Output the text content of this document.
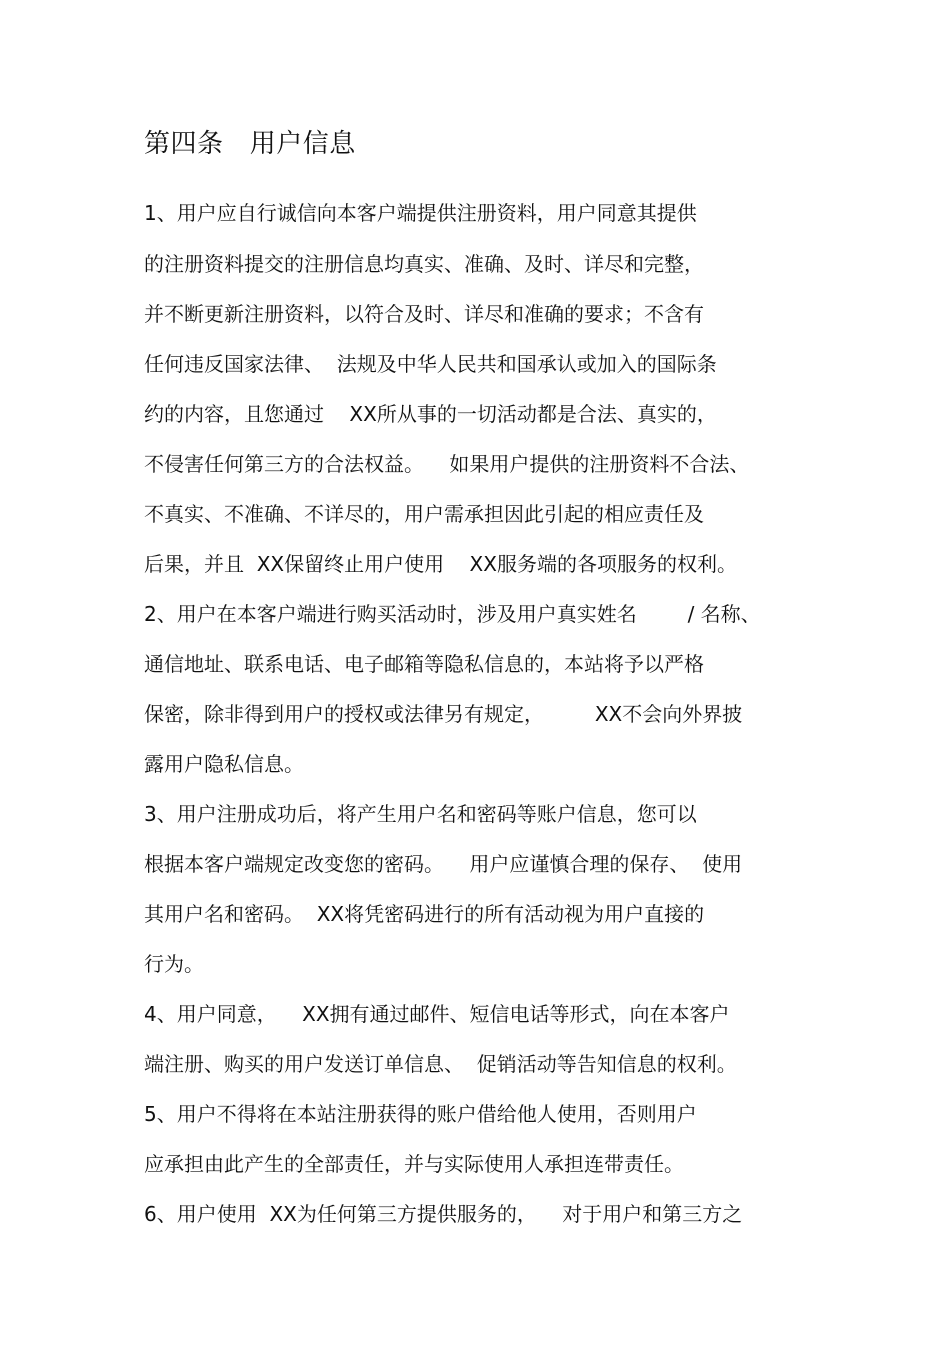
第四条   用户信息
1、用户应自行诚信向本客户端提供注册资料，用户同意其提供
的注册资料提交的注册信息均真实、准确、及时、详尽和完整，
并不断更新注册资料，以符合及时、详尽和准确的要求；不含有
任何违反国家法律、  法规及中华人民共和国承认或加入的国际条
约的内容，且您通过    XX所从事的一切活动都是合法、真实的，
不侵害任何第三方的合法权益。    如果用户提供的注册资料不合法、
不真实、不准确、不详尽的，用户需承担因此引起的相应责任及
后果，并且  XX保留终止用户使用    XX服务端的各项服务的权利。
2、用户在本客户端进行购买活动时，涉及用户真实姓名        / 名称、
通信地址、联系电话、电子邮箱等隐私信息的，本站将予以严格
保密，除非得到用户的授权或法律另有规定，        XX不会向外界披
露用户隐私信息。
3、用户注册成功后，将产生用户名和密码等账户信息，您可以
根据本客户端规定改变您的密码。    用户应谨慎合理的保存、  使用
其用户名和密码。  XX将凭密码进行的所有活动视为用户直接的
行为。
4、用户同意，    XX拥有通过邮件、短信电话等形式，向在本客户
端注册、购买的用户发送订单信息、  促销活动等告知信息的权利。
5、用户不得将在本站注册获得的账户借给他人使用，否则用户
应承担由此产生的全部责任，并与实际使用人承担连带责任。
6、用户使用  XX为任何第三方提供服务的，    对于用户和第三方之
